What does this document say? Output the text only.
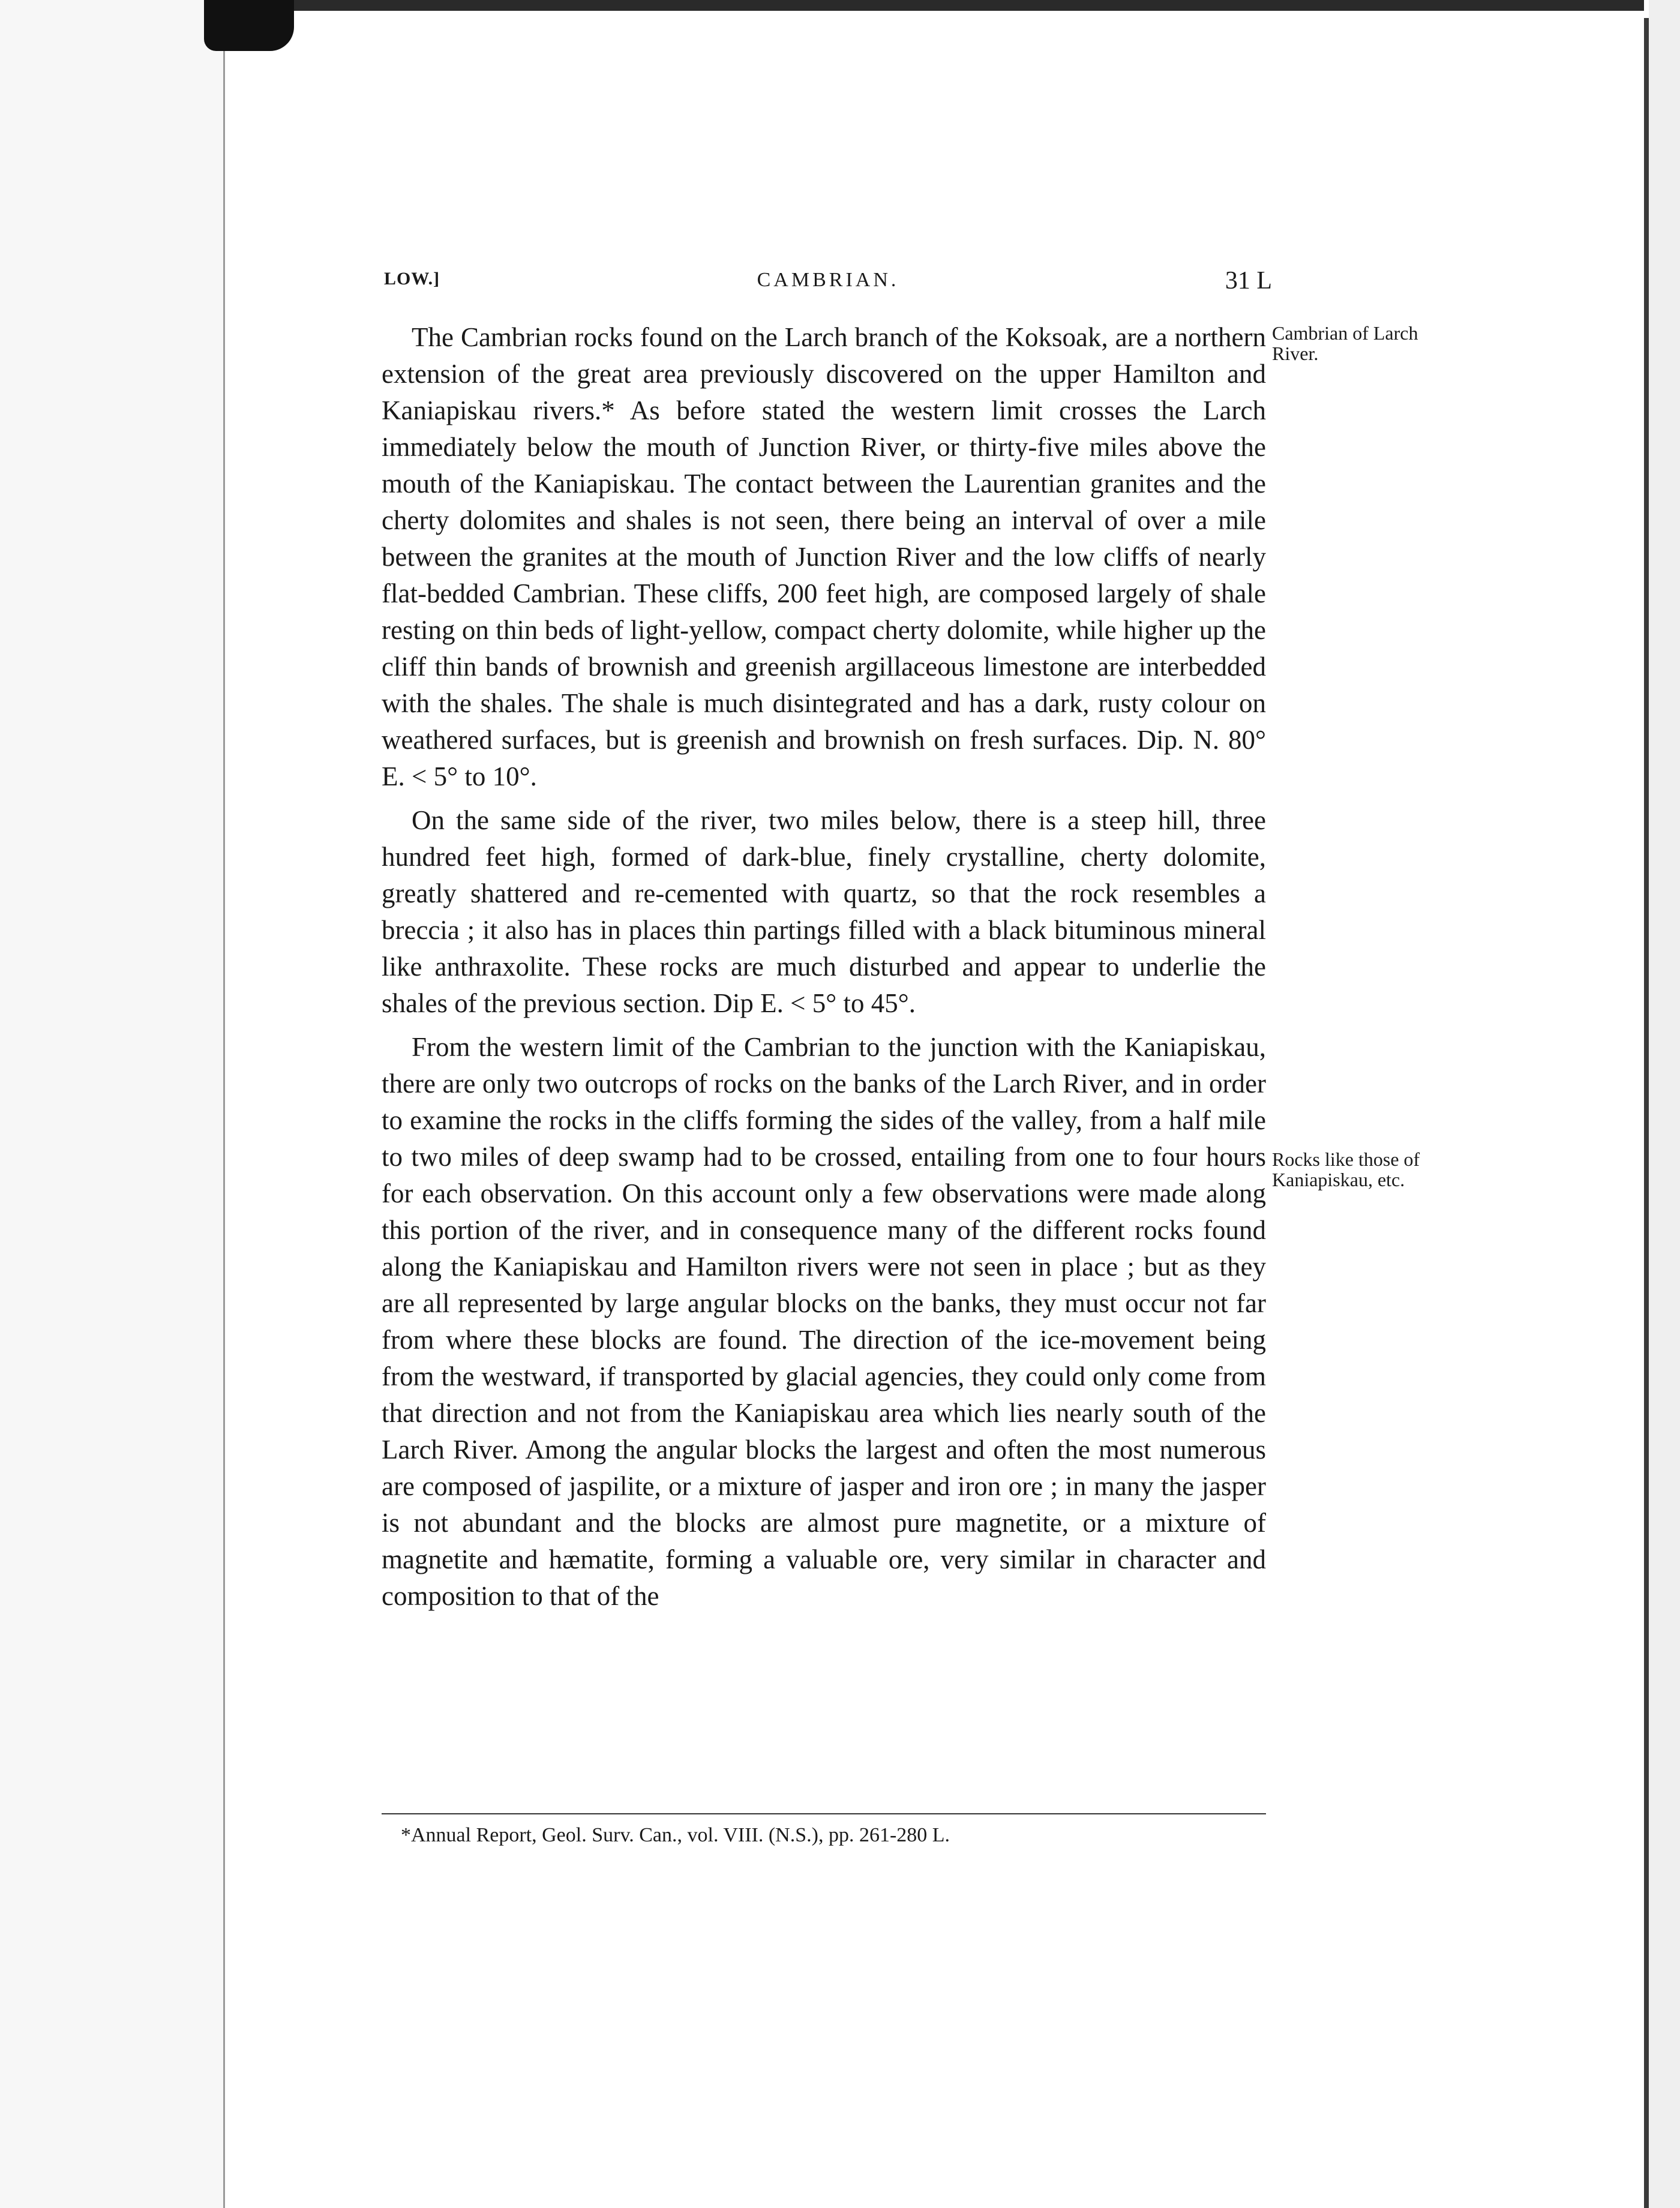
LOW.]	CAMBRIAN.	31 L
Cambrian of Larch River.
Rocks like those of Kaniapiskau, etc.

The Cambrian rocks found on the Larch branch of the Koksoak, are a northern extension of the great area previously discovered on the upper Hamilton and Kaniapiskau rivers.* As before stated the western limit crosses the Larch immediately below the mouth of Junction River, or thirty-five miles above the mouth of the Kaniapiskau. The contact between the Laurentian granites and the cherty dolomites and shales is not seen, there being an interval of over a mile between the granites at the mouth of Junction River and the low cliffs of nearly flat-bedded Cambrian. These cliffs, 200 feet high, are composed largely of shale resting on thin beds of light-yellow, compact cherty dolomite, while higher up the cliff thin bands of brownish and greenish argillaceous limestone are interbedded with the shales. The shale is much disintegrated and has a dark, rusty colour on weathered surfaces, but is greenish and brownish on fresh surfaces. Dip. N. 80° E. < 5° to 10°.

On the same side of the river, two miles below, there is a steep hill, three hundred feet high, formed of dark-blue, finely crystalline, cherty dolomite, greatly shattered and re-cemented with quartz, so that the rock resembles a breccia ; it also has in places thin partings filled with a black bituminous mineral like anthraxolite. These rocks are much disturbed and appear to underlie the shales of the previous section. Dip E. < 5° to 45°.

From the western limit of the Cambrian to the junction with the Kaniapiskau, there are only two outcrops of rocks on the banks of the Larch River, and in order to examine the rocks in the cliffs forming the sides of the valley, from a half mile to two miles of deep swamp had to be crossed, entailing from one to four hours for each observation. On this account only a few observations were made along this portion of the river, and in consequence many of the different rocks found along the Kaniapiskau and Hamilton rivers were not seen in place ; but as they are all represented by large angular blocks on the banks, they must occur not far from where these blocks are found. The direction of the ice-movement being from the westward, if transported by glacial agencies, they could only come from that direction and not from the Kaniapiskau area which lies nearly south of the Larch River. Among the angular blocks the largest and often the most numerous are composed of jaspilite, or a mixture of jasper and iron ore ; in many the jasper is not abundant and the blocks are almost pure magnetite, or a mixture of magnetite and hæmatite, forming a valuable ore, very similar in character and composition to that of the

*Annual Report, Geol. Surv. Can., vol. VIII. (N.S.), pp. 261-280 L.
